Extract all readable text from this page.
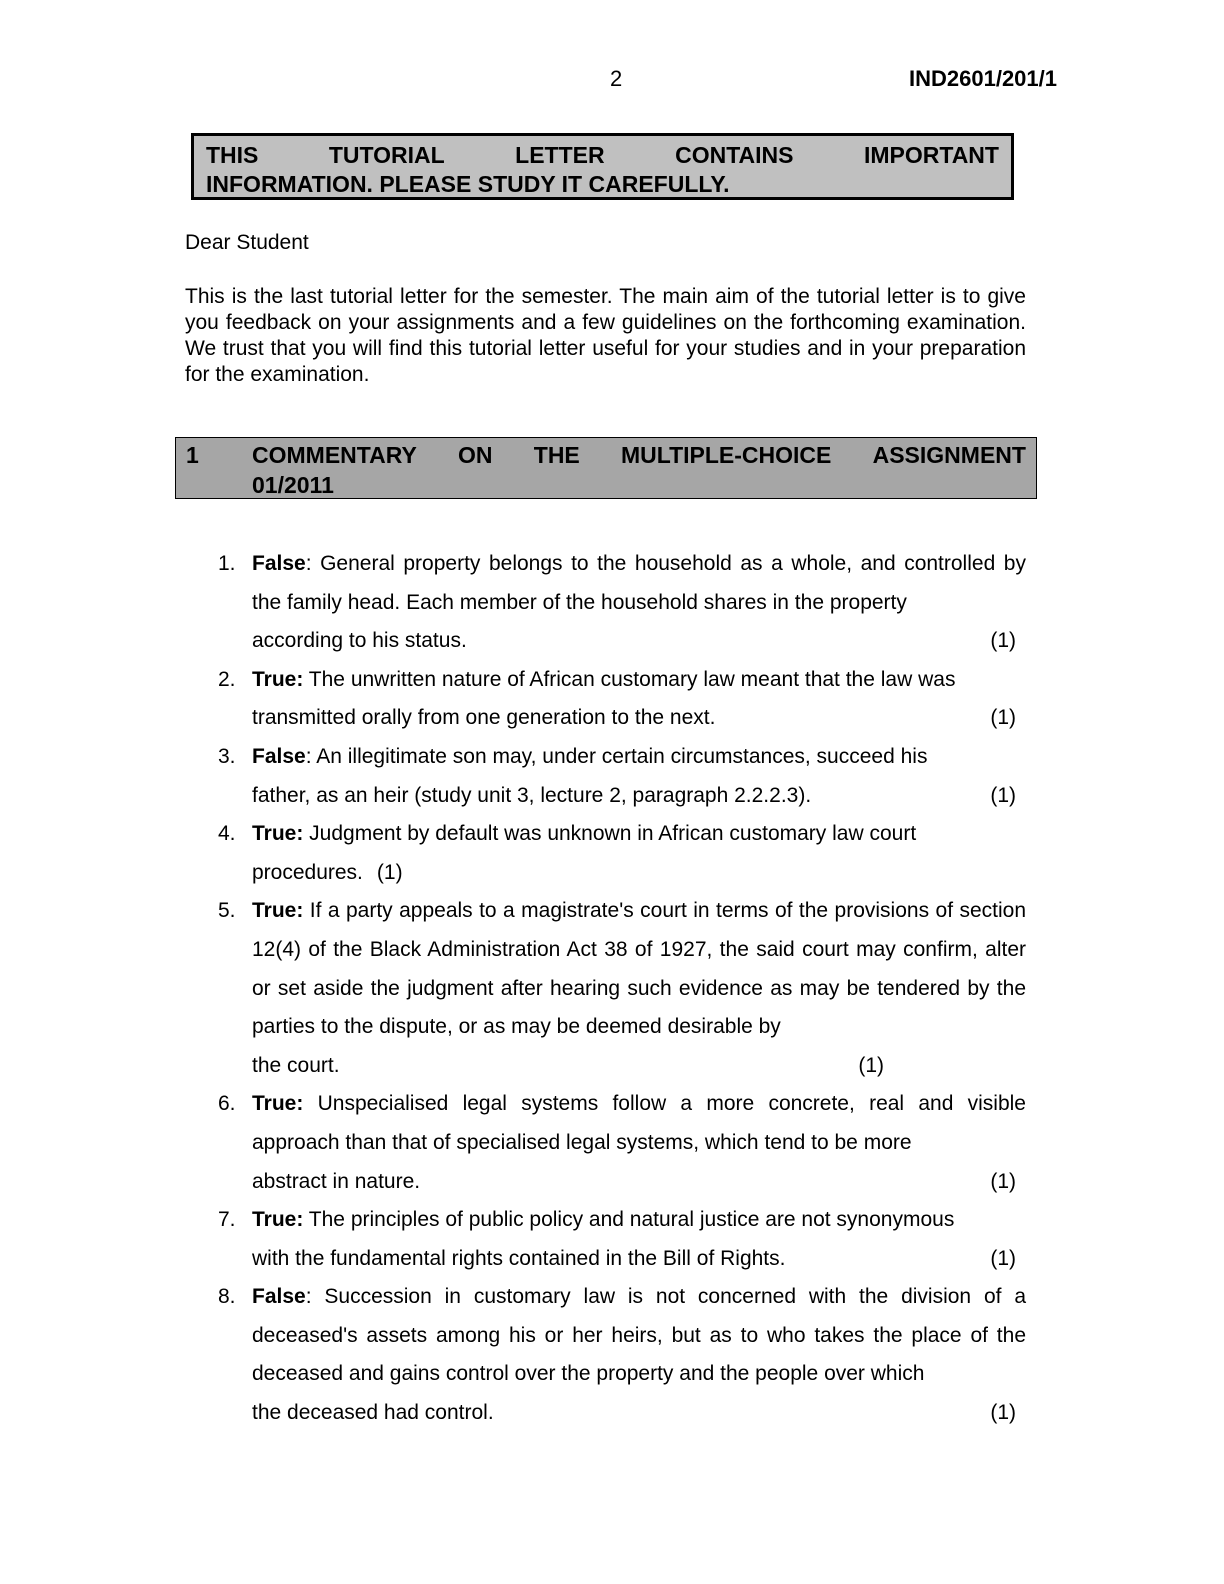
2	IND2601/201/1
THIS	TUTORIAL	LETTER	CONTAINS	IMPORTANT
INFORMATION. PLEASE STUDY IT CAREFULLY.
Dear Student

This is the last tutorial letter for the semester. The main aim of the tutorial letter is to give you feedback on your assignments and a few guidelines on the forthcoming examination. We trust that you will find this tutorial letter useful for your studies and in your preparation for the examination.

1 COMMENTARY ON THE MULTIPLE-CHOICE ASSIGNMENT
01/2011
1. False: General property belongs to the household as a whole, and controlled by the family head. Each member of the household shares in the property
according to his status.	(1)
2. True: The unwritten nature of African customary law meant that the law was
transmitted orally from one generation to the next.	(1)
3. False: An illegitimate son may, under certain circumstances, succeed his
father, as an heir (study unit 3, lecture 2, paragraph 2.2.2.3).	(1)
4. True: Judgment by default was unknown in African customary law court
procedures. (1)
5. True: If a party appeals to a magistrate's court in terms of the provisions of section 12(4) of the Black Administration Act 38 of 1927, the said court may confirm, alter or set aside the judgment after hearing such evidence as may be tendered by the parties to the dispute, or as may be deemed desirable by
the court.	(1)
6. True: Unspecialised legal systems follow a more concrete, real and visible approach than that of specialised legal systems, which tend to be more
abstract in nature.	(1)
7. True: The principles of public policy and natural justice are not synonymous
with the fundamental rights contained in the Bill of Rights.	(1)
8. False: Succession in customary law is not concerned with the division of a deceased's assets among his or her heirs, but as to who takes the place of the deceased and gains control over the property and the people over which
the deceased had control.	(1)
